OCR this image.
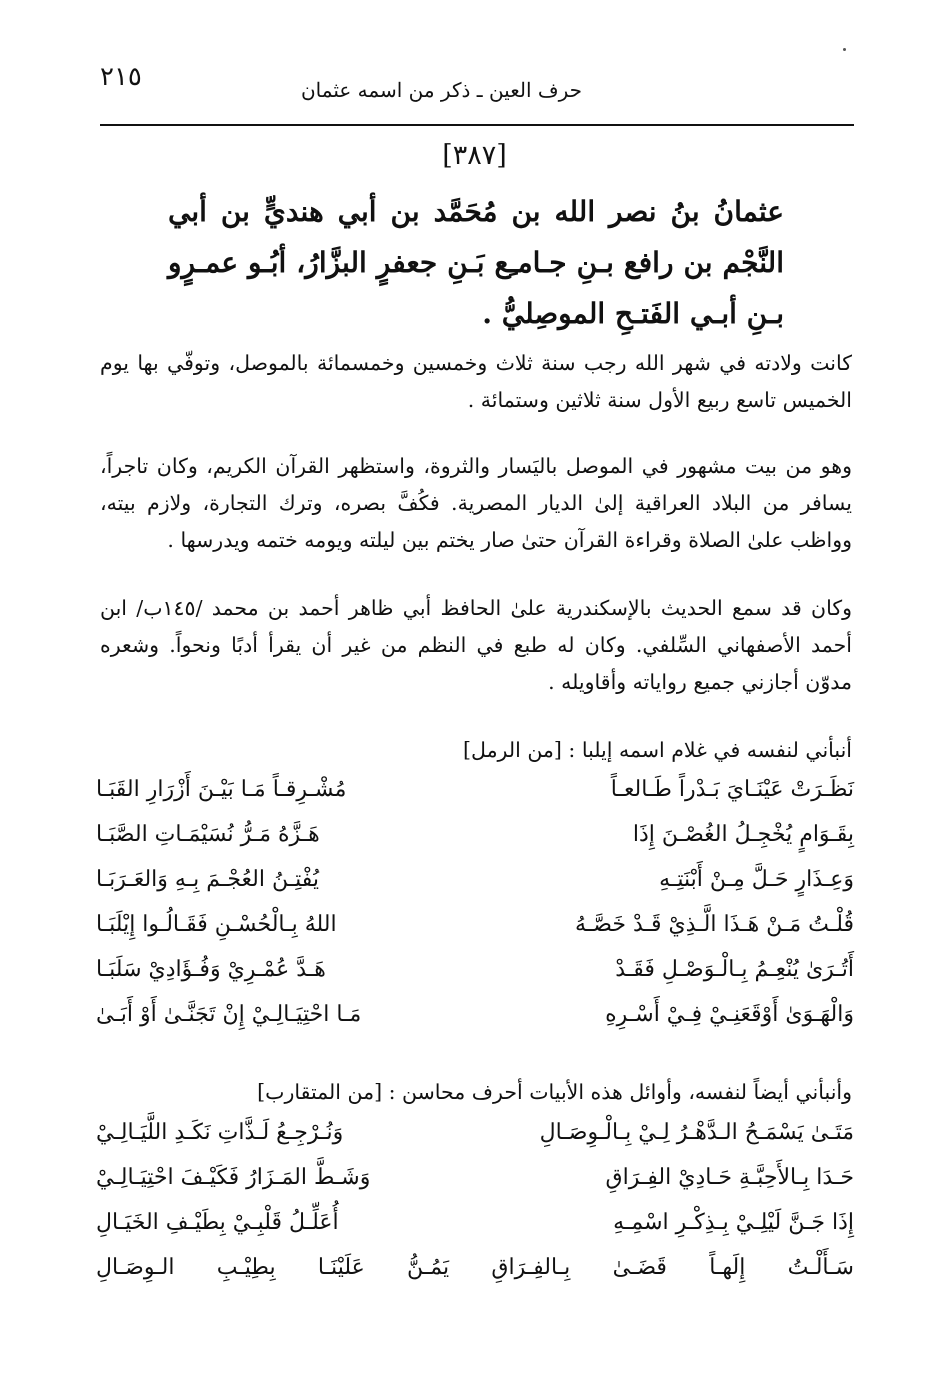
٢١٥	حرف العين ـ ذكر من اسمه عثمان
[٣٨٧]
عثمانُ بنُ نصر الله بن مُحَمَّد بن أبي هنديٍّ بن أبي النَّجْم بن رافع بـنِ جـامـِع بَـنِ جعفرٍ البزَّارُ، أبُـو عمـرٍو بـنِ أبـي الفَتـحِ الموصِليُّ .
كانت ولادته في شهر الله رجب سنة ثلاث وخمسين وخمسمائة بالموصل، وتوفّي بها يوم الخميس تاسع ربيع الأول سنة ثلاثين وستمائة .
وهو من بيت مشهور في الموصل باليَسار والثروة، واستظهر القرآن الكريم، وكان تاجراً، يسافر من البلاد العراقية إلىٰ الديار المصرية. فكُفَّ بصره، وترك التجارة، ولازم بيته، وواظب علىٰ الصلاة وقراءة القرآن حتىٰ صار يختم بين ليلته ويومه ختمه ويدرسها .
وكان قد سمع الحديث بالإسكندرية علىٰ الحافظ أبي ظاهر أحمد بن محمد /١٤٥ب/ ابن أحمد الأصفهاني السِّلفي. وكان له طبع في النظم من غير أن يقرأ أدبًا ونحواً. وشعره مدوّن أجازني جميع رواياته وأقاويله .
أنبأني لنفسه في غلام اسمه إيلبا : [من الرمل]
نَظَـرَتْ عَيْنَـايَ بَـدْراً طَـالعـاً
مُشْـرِقـاً مَـا بَيْـنَ أَزْرَارِ القَبَـا
بِقَـوَامٍ يُخْجِـلُ الغُصْـنَ إِذَا
هَـزَّهُ مَـرُّ نُسَيْمَـاتِ الصَّبَـا
وَعِـذَارٍ حَـلَّ مِـنْ أَبْنَتِـهِ
يُفْتِـنُ العُجْـمَ بِـهِ وَالعَـرَبَـا
قُلْـتُ مَـنْ هَـذَا الَّـذِيْ قَـدْ خَصَّـهُ
اللهُ بِـالْحُسْـنِ فَقَـالُـوا إِيْلَبَـا
أَتُـرَىٰ يُنْعِـمُ بِـالْـوَصْـلِ فَقَـدْ
هَـدَّ عُمْـرِيْ وَفُـؤَادِيْ سَلَبَـا
وَالْهَـوَىٰ أَوْقَعَنِـيْ فِـيْ أَسْـرِهِ
مَـا احْتِيَـالِـيْ إِنْ تَجَنَّـىٰ أَوْ أَبَـىٰ
وأنبأني أيضاً لنفسه، وأوائل هذه الأبيات أحرف محاسن : [من المتقارب]
مَتَـىٰ يَسْمَـحُ الـدَّهْـرُ لِـيْ بِـالْـوِصَـالِ
وَنُـرْجِـعُ لَـذَّاتِ نَكَـدِ اللَّيَـالِـيْ
حَـدَا بِـالأَحِبَّـةِ حَـادِيْ الفِـرَاقِ
وَشَـطَّ المَـزَارُ فَكَيْـفَ احْتِيَـالِـيْ
إِذَا جَـنَّ لَيْلِـيْ بِـذِكْـرِ اسْمِـهِ
أُعَلِّـلُ قَلْبِـيْ بِطَيْـفِ الخَيَـالِ
سَـأَلْـتُ إِلَهـاً قَضَـىٰ بِـالفِـرَاقِ يَمُـنُّ عَلَيْنَـا بِطِيْـبِ الـوِصَـالِ
